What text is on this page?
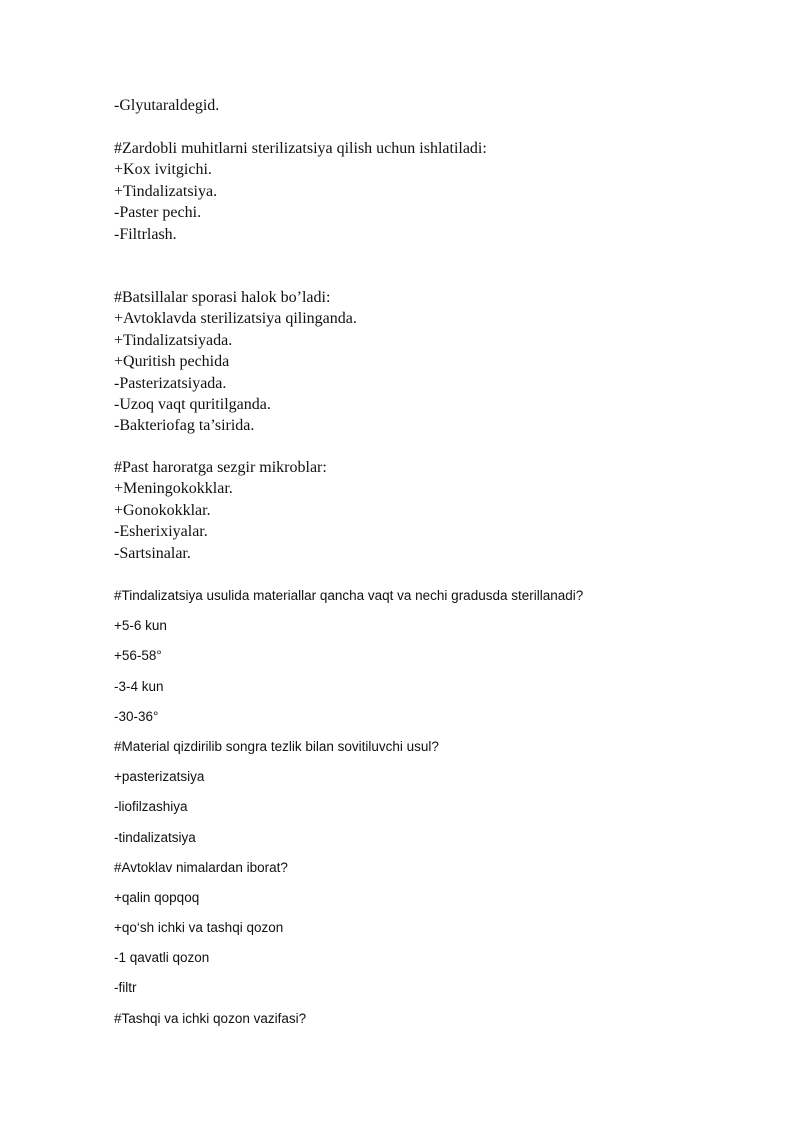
-Glyutaraldegid.
#Zardobli muhitlarni sterilizatsiya qilish uchun ishlatiladi:
+Kox ivitgichi.
+Tindalizatsiya.
-Paster pechi.
-Filtrlash.
#Batsillalar sporasi halok bo’ladi:
+Avtoklavda sterilizatsiya qilinganda.
+Tindalizatsiyada.
+Quritish pechida
-Pasterizatsiyada.
-Uzoq vaqt quritilganda.
-Bakteriofag ta’sirida.
#Past haroratga sezgir mikroblar:
+Meningokokklar.
+Gonokokklar.
-Esherixiyalar.
-Sartsinalar.
#Tindalizatsiya usulida materiallar qancha vaqt va nechi gradusda sterillanadi?
+5-6 kun
+56-58°
-3-4 kun
-30-36°
#Material qizdirilib songra tezlik bilan sovitiluvchi usul?
+pasterizatsiya
-liofilzashiya
-tindalizatsiya
#Avtoklav nimalardan iborat?
+qalin qopqoq
+qo‘sh ichki va tashqi qozon
-1 qavatli qozon
-filtr
#Tashqi va ichki qozon vazifasi?
